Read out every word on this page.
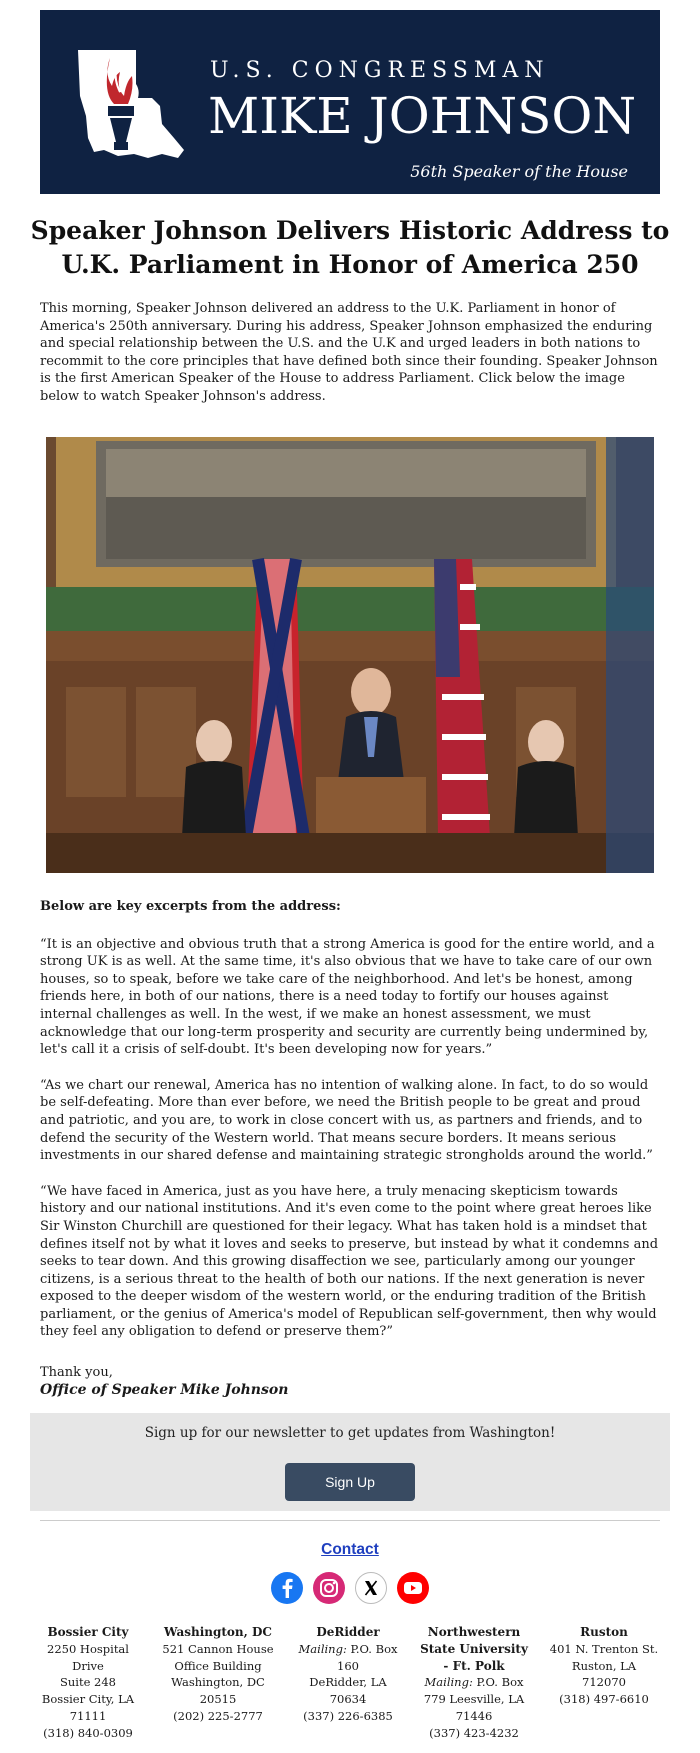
U.S. CONGRESSMAN
MIKE JOHNSON
56th Speaker of the House
Speaker Johnson Delivers Historic Address to U.K. Parliament in Honor of America 250

This morning, Speaker Johnson delivered an address to the U.K. Parliament in honor of America's 250th anniversary. During his address, Speaker Johnson emphasized the enduring and special relationship between the U.S. and the U.K and urged leaders in both nations to recommit to the core principles that have defined both since their founding. Speaker Johnson is the first American Speaker of the House to address Parliament. Click below the image below to watch Speaker Johnson's address.

Below are key excerpts from the address:

“It is an objective and obvious truth that a strong America is good for the entire world, and a strong UK is as well. At the same time, it's also obvious that we have to take care of our own houses, so to speak, before we take care of the neighborhood. And let's be honest, among friends here, in both of our nations, there is a need today to fortify our houses against internal challenges as well. In the west, if we make an honest assessment, we must acknowledge that our long-term prosperity and security are currently being undermined by, let's call it a crisis of self-doubt. It's been developing now for years.”

“As we chart our renewal, America has no intention of walking alone. In fact, to do so would be self-defeating. More than ever before, we need the British people to be great and proud and patriotic, and you are, to work in close concert with us, as partners and friends, and to defend the security of the Western world. That means secure borders. It means serious investments in our shared defense and maintaining strategic strongholds around the world.”

“We have faced in America, just as you have here, a truly menacing skepticism towards history and our national institutions. And it's even come to the point where great heroes like Sir Winston Churchill are questioned for their legacy. What has taken hold is a mindset that defines itself not by what it loves and seeks to preserve, but instead by what it condemns and seeks to tear down. And this growing disaffection we see, particularly among our younger citizens, is a serious threat to the health of both our nations. If the next generation is never exposed to the deeper wisdom of the western world, or the enduring tradition of the British parliament, or the genius of America's model of Republican self-government, then why would they feel any obligation to defend or preserve them?”

Thank you,
Office of Speaker Mike Johnson
Sign up for our newsletter to get updates from Washington!
Sign Up
Contact
Bossier City
2250 Hospital Drive
Suite 248
Bossier City, LA
71111
(318) 840-0309
Washington, DC
521 Cannon House
Office Building
Washington, DC
20515
(202) 225-2777
DeRidder
Mailing: P.O. Box
160
DeRidder, LA
70634
(337) 226-6385
Northwestern State University - Ft. Polk
Mailing: P.O. Box
779 Leesville, LA
71446
(337) 423-4232
Ruston
401 N. Trenton St.
Ruston, LA
712070
(318) 497-6610
